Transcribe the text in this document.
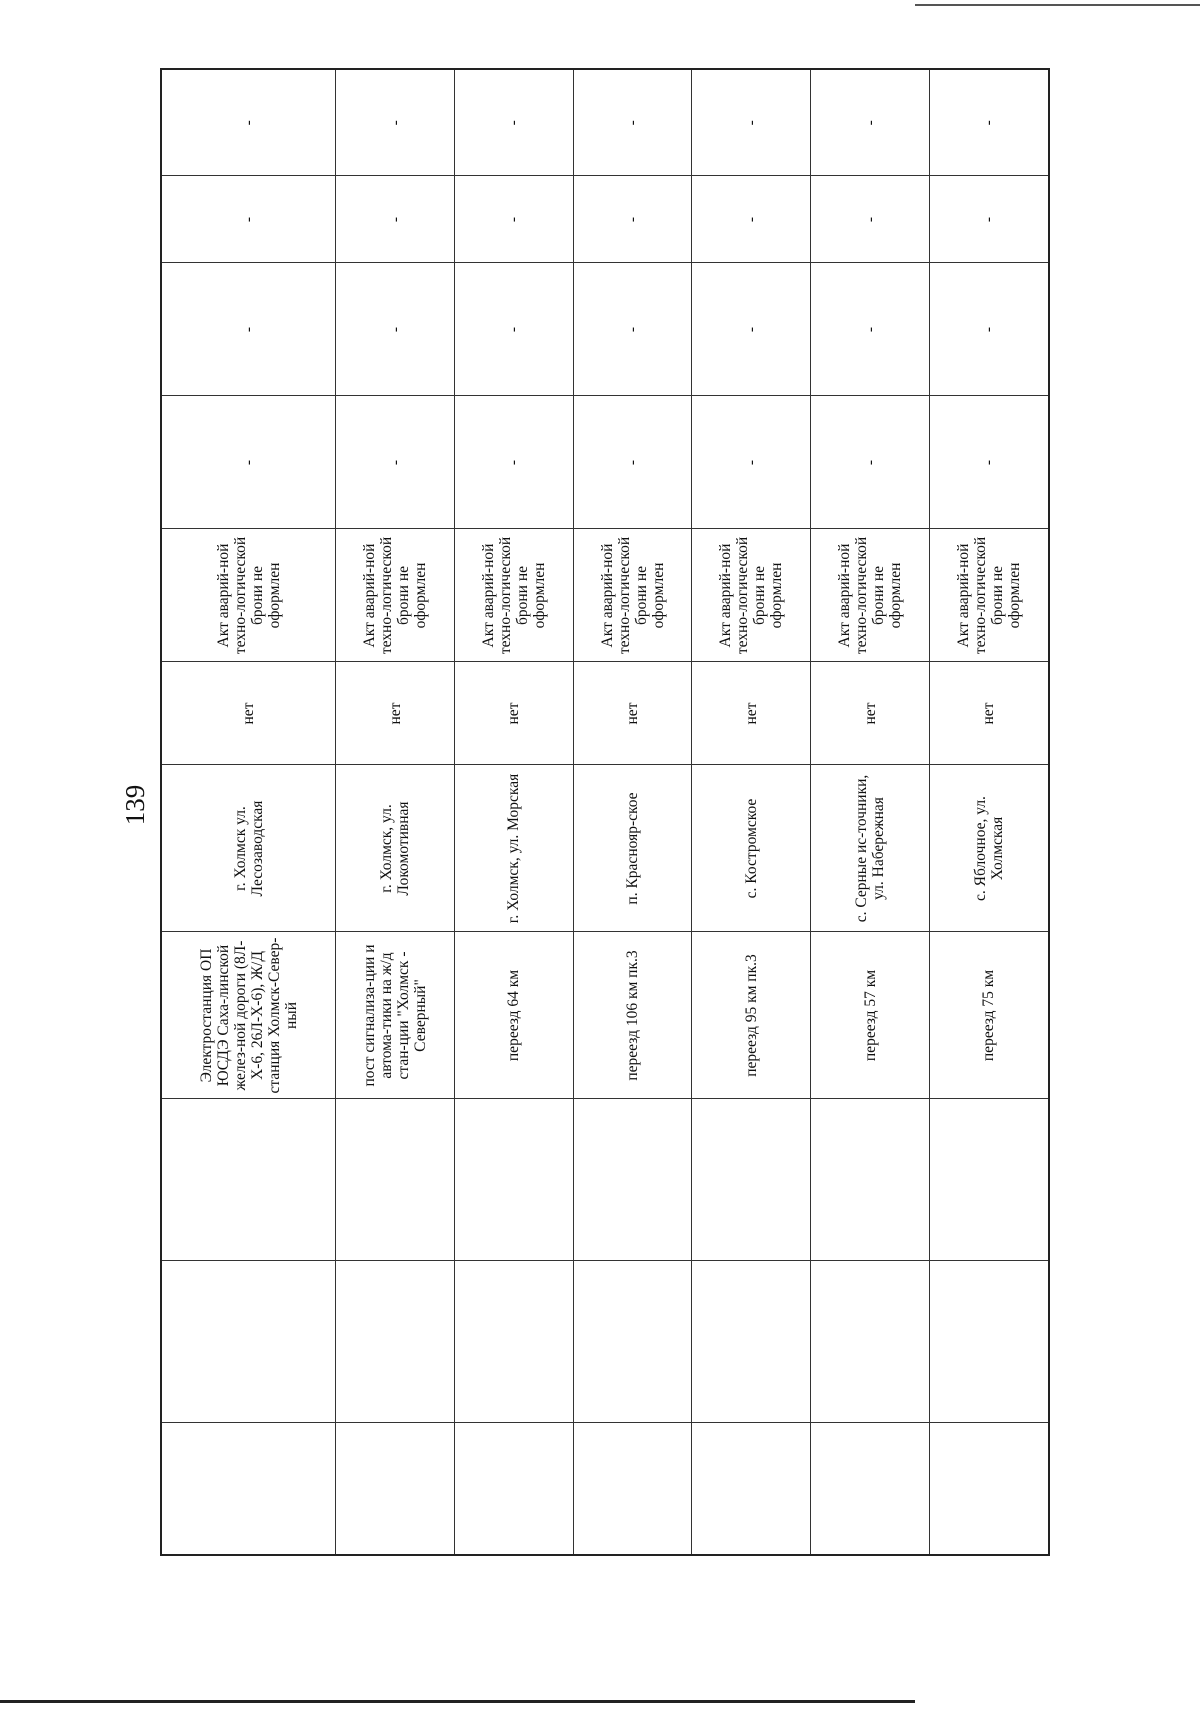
139
			Электростанция ОП ЮСДЭ Саха-линской желез-ной дороги (8Л-Х-6, 26Л-Х-6), Ж/Д станция Холмск-Север-ный	г. Холмск ул. Лесозаводская	нет	Акт аварий-ной техно-логической брони не оформлен	-	-	-	-
			пост сигнализа-ции и автома-тики на ж/д стан-ции "Холмск - Северный"	г. Холмск, ул. Локомотивная	нет	Акт аварий-ной техно-логической брони не оформлен	-	-	-	-
			переезд 64 км	г. Холмск, ул. Морская	нет	Акт аварий-ной техно-логической брони не оформлен	-	-	-	-
			переезд 106 км пк.3	п. Краснояр-ское	нет	Акт аварий-ной техно-логической брони не оформлен	-	-	-	-
			переезд 95 км пк.3	с. Костромское	нет	Акт аварий-ной техно-логической брони не оформлен	-	-	-	-
			переезд 57 км	с. Серные ис-точники, ул. Набережная	нет	Акт аварий-ной техно-логической брони не оформлен	-	-	-	-
			переезд 75 км	с. Яблочное, ул. Холмская	нет	Акт аварий-ной техно-логической брони не оформлен	-	-	-	-
